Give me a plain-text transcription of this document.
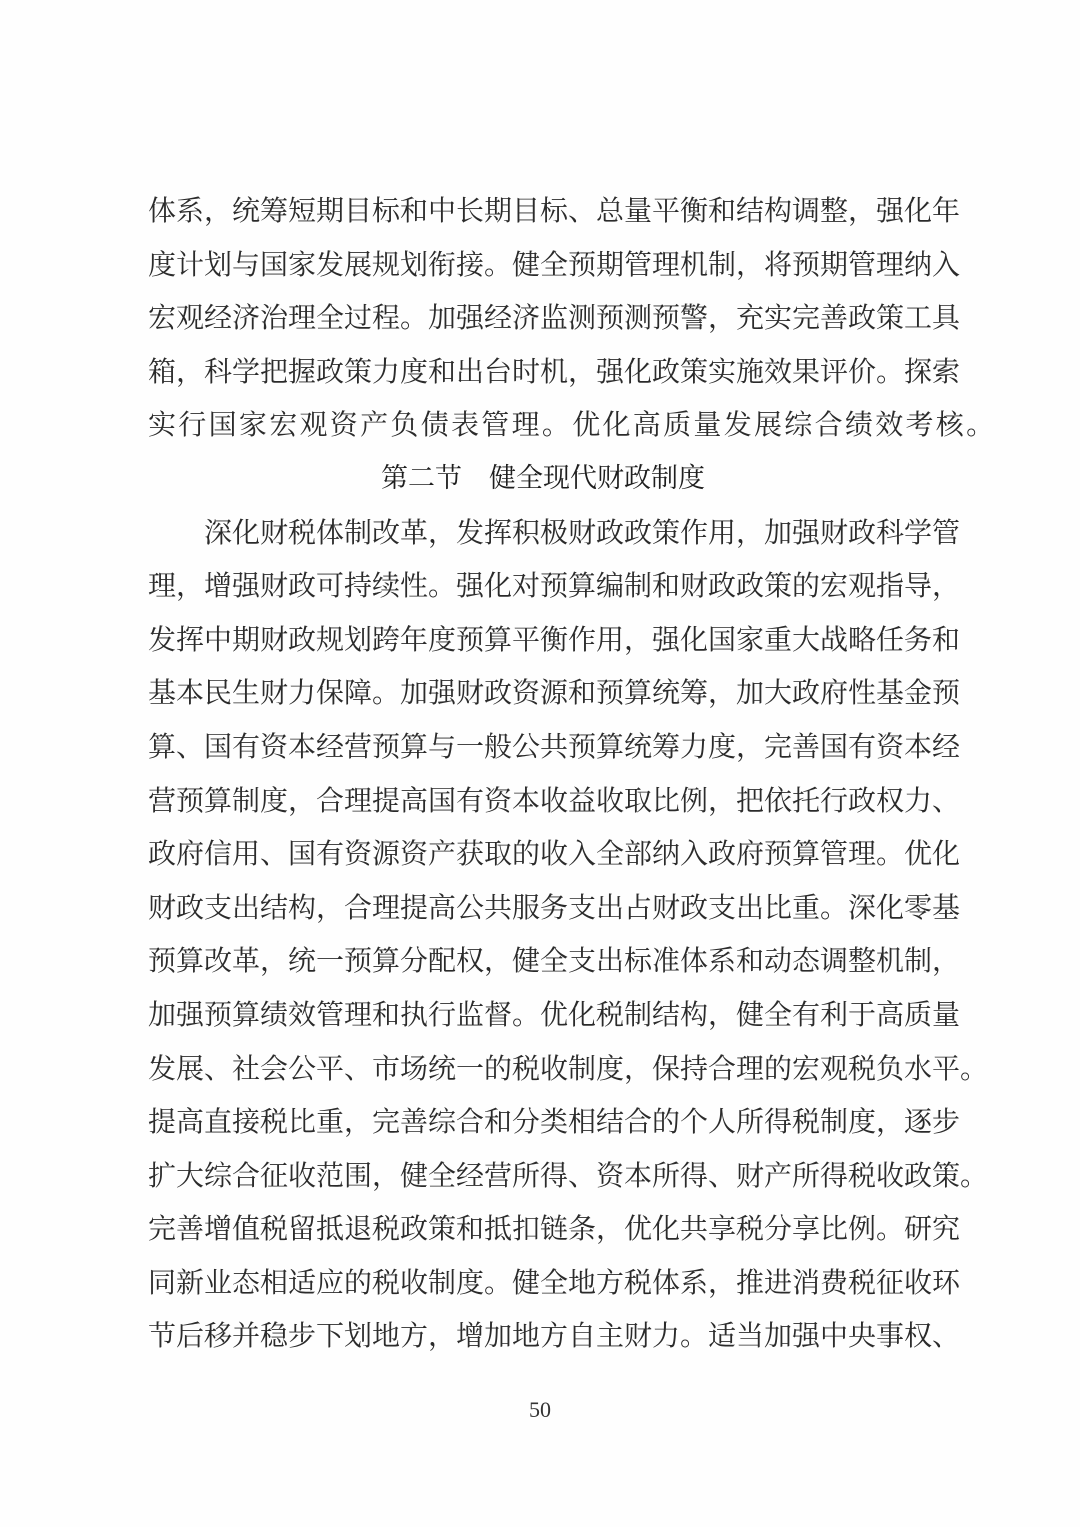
体系，统筹短期目标和中长期目标、总量平衡和结构调整，强化年
度计划与国家发展规划衔接。健全预期管理机制，将预期管理纳入
宏观经济治理全过程。加强经济监测预测预警，充实完善政策工具
箱，科学把握政策力度和出台时机，强化政策实施效果评价。探索
实行国家宏观资产负债表管理。优化高质量发展综合绩效考核。
第二节　健全现代财政制度
深化财税体制改革，发挥积极财政政策作用，加强财政科学管
理，增强财政可持续性。强化对预算编制和财政政策的宏观指导，
发挥中期财政规划跨年度预算平衡作用，强化国家重大战略任务和
基本民生财力保障。加强财政资源和预算统筹，加大政府性基金预
算、国有资本经营预算与一般公共预算统筹力度，完善国有资本经
营预算制度，合理提高国有资本收益收取比例，把依托行政权力、
政府信用、国有资源资产获取的收入全部纳入政府预算管理。优化
财政支出结构，合理提高公共服务支出占财政支出比重。深化零基
预算改革，统一预算分配权，健全支出标准体系和动态调整机制，
加强预算绩效管理和执行监督。优化税制结构，健全有利于高质量
发展、社会公平、市场统一的税收制度，保持合理的宏观税负水平。
提高直接税比重，完善综合和分类相结合的个人所得税制度，逐步
扩大综合征收范围，健全经营所得、资本所得、财产所得税收政策。
完善增值税留抵退税政策和抵扣链条，优化共享税分享比例。研究
同新业态相适应的税收制度。健全地方税体系，推进消费税征收环
节后移并稳步下划地方，增加地方自主财力。适当加强中央事权、
50
